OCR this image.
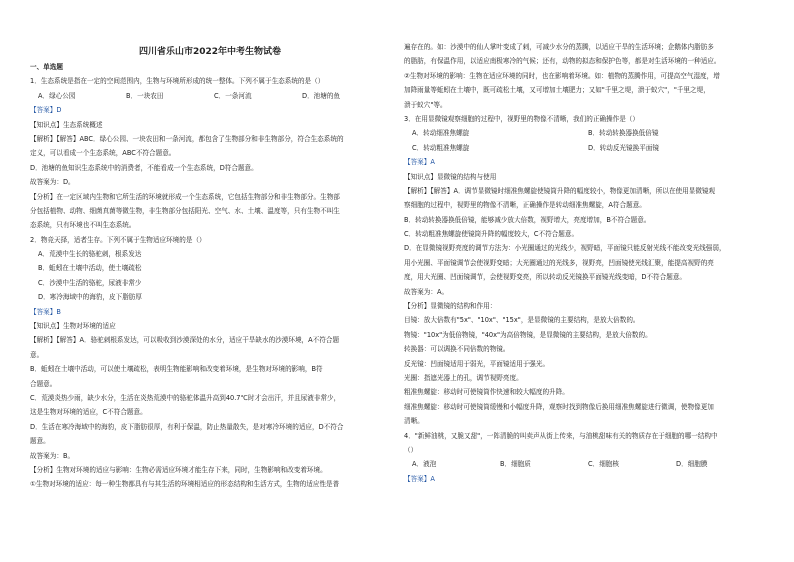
四川省乐山市2022年中考生物试卷
一、单选题
1．生态系统是指在一定的空间范围内，生物与环境所形成的统一整体。下列不属于生态系统的是（）
A．绿心公园	B．一块农田	C．一条河流	D．池塘的鱼
【答案】D
【知识点】生态系统概述
【解析】【解答】ABC．绿心公园、一块农田和一条河流，都包含了生物部分和非生物部分，符合生态系统的
定义，可以看成一个生态系统，ABC不符合题意。
D．池塘的鱼知识生态系统中的消费者，不能看成一个生态系统，D符合题意。
故答案为：D。
【分析】在一定区域内生物和它所生活的环境就形成一个生态系统，它包括生物部分和非生物部分。生物部
分包括植物、动物、细菌真菌等微生物，非生物部分包括阳光、空气、水、土壤、温度等，只有生物不叫生
态系统，只有环境也不叫生态系统。
2．物竞天择，适者生存。下列不属于生物适应环境的是（）
A．荒漠中生长的骆驼刺，根系发达
B．蚯蚓在土壤中活动，使土壤疏松
C．沙漠中生活的骆驼，尿液非常少
D．寒冷海域中的海豹，皮下脂肪厚
【答案】B
【知识点】生物对环境的适应
【解析】【解答】A．骆驼刺根系发达，可以吸收到沙漠深处的水分，适应干旱缺水的沙漠环境，A不符合题
意。
B．蚯蚓在土壤中活动，可以使土壤疏松，表明生物能影响和改变着环境，是生物对环境的影响，B符
合题意。
C．荒漠炎热少雨，缺少水分，生活在炎热荒漠中的骆驼体温升高到40.7℃时才会出汗，并且尿液非常少，
这是生物对环境的适应，C不符合题意。
D．生活在寒冷海域中的海豹，皮下脂肪很厚，有利于保温，防止热量散失，是对寒冷环境的适应，D不符合
题意。
故答案为：B。
【分析】生物对环境的适应与影响：生物必需适应环境才能生存下来，同时，生物影响和改变着环境。
①生物对环境的适应：每一种生物都具有与其生活的环境相适应的形态结构和生活方式，生物的适应性是普
遍存在的。如：沙漠中的仙人掌叶变成了刺，可减少水分的蒸腾，以适应干旱的生活环境；企鹅体内脂肪多
的脂肪，有保温作用，以适应南极寒冷的气候；还有，动物的拟态和保护色等，都是对生活环境的一种适应。
②生物对环境的影响：生物在适应环境的同时，也在影响着环境。如：植物的蒸腾作用，可提高空气湿度，增
加降雨量等蚯蚓在土壤中，既可疏松土壤，又可增加土壤肥力；又如"千里之堤，溃于蚁穴"，"千里之堤，
溃于蚁穴"等。
3．在用显微镜观察细胞的过程中，视野里的物像不清晰，我们的正确操作是（）
A．转动细准焦螺旋	B．转动转换器换低倍镜
C．转动粗准焦螺旋	D．转动反光镜换平面镜
【答案】A
【知识点】显微镜的结构与使用
【解析】【解答】A．调节显微镜时细准焦螺旋使镜筒升降的幅度较小，物像更加清晰，所以在使用显微镜观
察细胞的过程中，视野里的物像不清晰，正确操作是转动细准焦螺旋，A符合题意。
B．转动转换器换低倍镜，能够减少放大倍数，视野增大，亮度增加，B不符合题意。
C．转动粗准焦螺旋使镜筒升降的幅度较大，C不符合题意。
D．在显微镜视野亮度的调节方法为：小光圈通过的光线少，视野暗，平面镜只能反射光线不能改变光线强弱，
用小光圈、平面镜调节会使视野变暗；大光圈通过的光线多，视野亮，凹面镜使光线汇聚，能提高视野的亮
度，用大光圈、凹面镜调节，会使视野变亮，所以转动反光镜换平面镜光线变暗，D不符合题意。
故答案为：A。
【分析】显微镜的结构和作用：
目镜：放大倍数有"5x"、"10x"、"15x"，是显微镜的主要结构，是放大倍数的。
物镜："10x"为低倍物镜，"40x"为高倍物镜，是显微镜的主要结构，是放大倍数的。
转换器：可以调换不同倍数的物镜。
反光镜：凹面镜适用于弱光，平面镜适用于强光。
光圈：指遮光器上的孔，调节视野亮度。
粗准焦螺旋：移动时可使镜筒作快速和较大幅度的升降。
细准焦螺旋：移动时可使镜筒缓慢和小幅度升降，观察时找到物像后换用细准焦螺旋进行微调，使物像更加
清晰。
4．"新鲜油桃，又脆又甜"，一阵清脆的叫卖声从街上传来，与油桃甜味有关的物质存在于细胞的哪一结构中
（）
A．液泡	B．细胞质	C．细胞核	D．细胞膜
【答案】A
